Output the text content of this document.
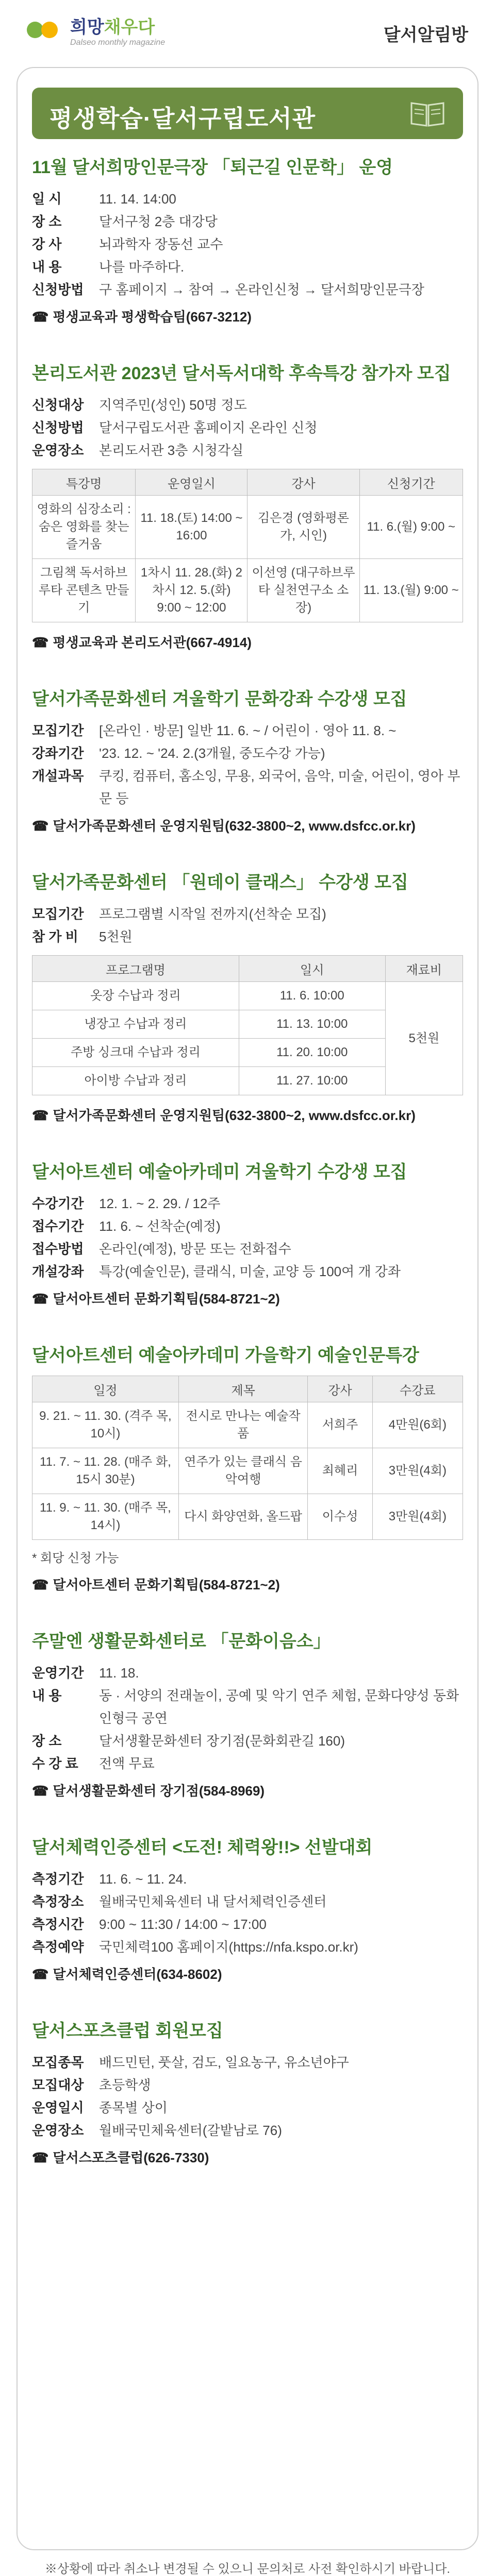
희망채우다
Dalseo monthly magazine	달서알림방
평생학습·달서구립도서관
11월 달서희망인문극장 「퇴근길 인문학」 운영
일 시	11. 14. 14:00
장 소	달서구청 2층 대강당
강 사	뇌과학자 장동선 교수
내 용	나를 마주하다.
신청방법	구 홈페이지 → 참여 → 온라인신청 → 달서희망인문극장
☎ 평생교육과 평생학습팀(667-3212)
본리도서관 2023년 달서독서대학 후속특강 참가자 모집
신청대상	지역주민(성인) 50명 정도
신청방법	달서구립도서관 홈페이지 온라인 신청
운영장소	본리도서관 3층 시청각실
특강명	운영일시	강사	신청기간
영화의 심장소리 : 숨은 영화를 찾는 즐거움	11. 18.(토) 14:00 ~ 16:00	김은경 (영화평론가, 시인)	11. 6.(월) 9:00 ~
그림책 독서하브루타 콘텐츠 만들기	1차시 11. 28.(화) 2차시 12. 5.(화) 9:00 ~ 12:00	이선영 (대구하브루타 실천연구소 소장)	11. 13.(월) 9:00 ~
☎ 평생교육과 본리도서관(667-4914)
달서가족문화센터 겨울학기 문화강좌 수강생 모집
모집기간	[온라인 · 방문] 일반 11. 6. ~ / 어린이 · 영아 11. 8. ~
강좌기간	'23. 12. ~ '24. 2.(3개월, 중도수강 가능)
개설과목	쿠킹, 컴퓨터, 홈소잉, 무용, 외국어, 음악, 미술, 어린이, 영아 부문 등
☎ 달서가족문화센터 운영지원팀(632-3800~2, www.dsfcc.or.kr)
달서가족문화센터 「원데이 클래스」 수강생 모집
모집기간	프로그램별 시작일 전까지(선착순 모집)
참 가 비	5천원
프로그램명	일시	재료비
옷장 수납과 정리	11. 6. 10:00	5천원
냉장고 수납과 정리	11. 13. 10:00	
주방 싱크대 수납과 정리	11. 20. 10:00	
아이방 수납과 정리	11. 27. 10:00	
☎ 달서가족문화센터 운영지원팀(632-3800~2, www.dsfcc.or.kr)
달서아트센터 예술아카데미 겨울학기 수강생 모집
수강기간	12. 1. ~ 2. 29. / 12주
접수기간	11. 6. ~ 선착순(예정)
접수방법	온라인(예정), 방문 또는 전화접수
개설강좌	특강(예술인문), 클래식, 미술, 교양 등 100여 개 강좌
☎ 달서아트센터 문화기획팀(584-8721~2)
달서아트센터 예술아카데미 가을학기 예술인문특강
일정	제목	강사	수강료
9. 21. ~ 11. 30. (격주 목, 10시)	전시로 만나는 예술작품	서희주	4만원(6회)
11. 7. ~ 11. 28. (매주 화, 15시 30분)	연주가 있는 클래식 음악여행	최혜리	3만원(4회)
11. 9. ~ 11. 30. (매주 목, 14시)	다시 화양연화, 올드팝	이수성	3만원(4회)
* 회당 신청 가능
☎ 달서아트센터 문화기획팀(584-8721~2)
주말엔 생활문화센터로 「문화이음소」
운영기간	11. 18.
내 용	동 · 서양의 전래놀이, 공예 및 악기 연주 체험, 문화다양성 동화 인형극 공연
장 소	달서생활문화센터 장기점(문화회관길 160)
수 강 료	전액 무료
☎ 달서생활문화센터 장기점(584-8969)
달서체력인증센터 <도전! 체력왕!!> 선발대회
측정기간	11. 6. ~ 11. 24.
측정장소	월배국민체육센터 내 달서체력인증센터
측정시간	9:00 ~ 11:30 / 14:00 ~ 17:00
측정예약	국민체력100 홈페이지(https://nfa.kspo.or.kr)
☎ 달서체력인증센터(634-8602)
달서스포츠클럽 회원모집
모집종목	배드민턴, 풋살, 검도, 일요농구, 유소년야구
모집대상	초등학생
운영일시	종목별 상이
운영장소	월배국민체육센터(갈밭남로 76)
☎ 달서스포츠클럽(626-7330)
※상황에 따라 취소나 변경될 수 있으니 문의처로 사전 확인하시기 바랍니다.
